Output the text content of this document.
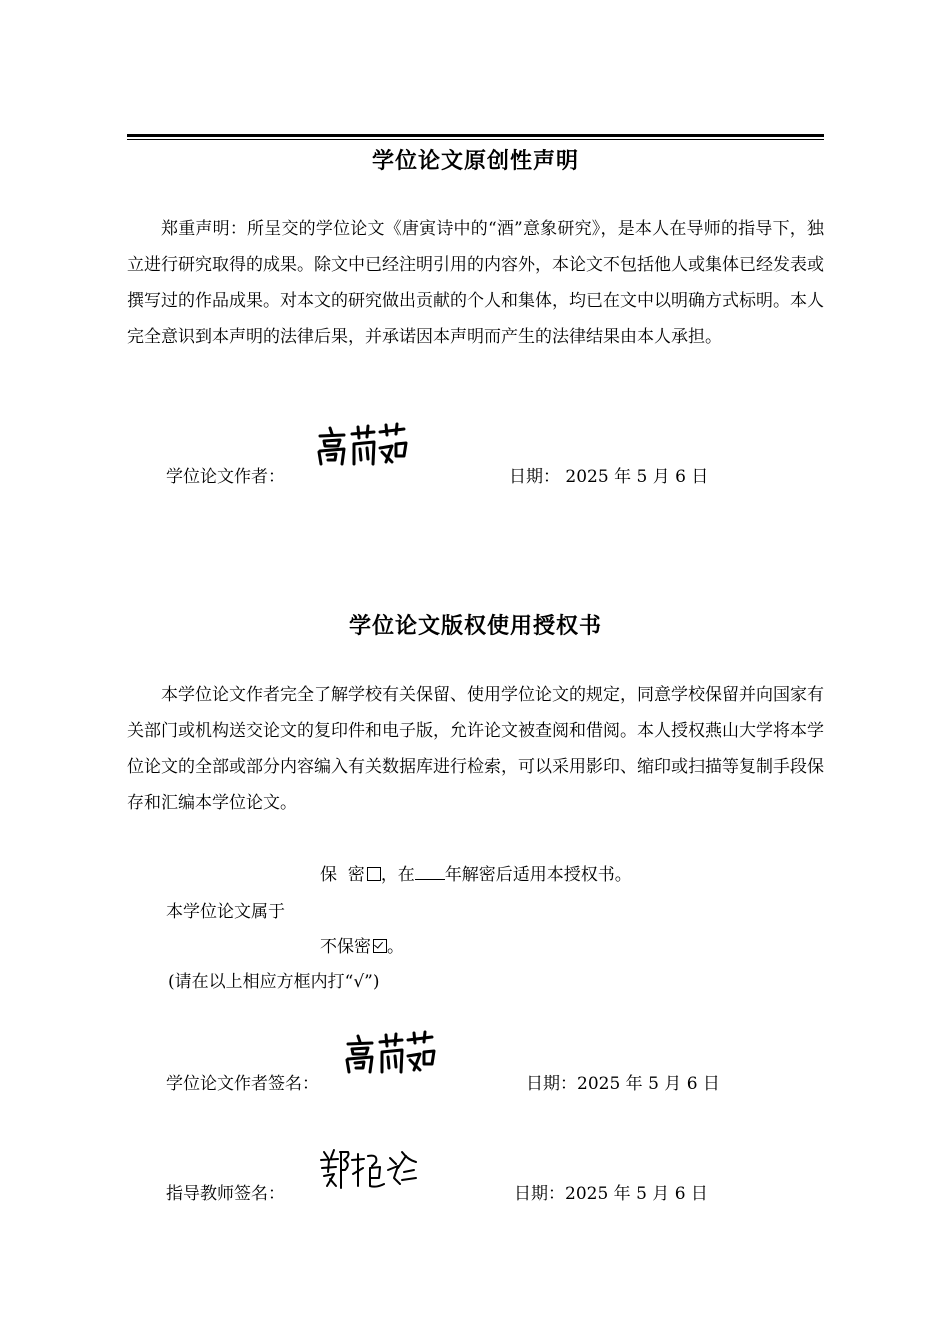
学位论文原创性声明

郑重声明：所呈交的学位论文《唐寅诗中的“酒”意象研究》，是本人在导师的指导下，独立进行研究取得的成果。除文中已经注明引用的内容外，本论文不包括他人或集体已经发表或撰写过的作品成果。对本文的研究做出贡献的个人和集体，均已在文中以明确方式标明。本人完全意识到本声明的法律后果，并承诺因本声明而产生的法律结果由本人承担。

学位论文作者：	日期： 2025 年 5 月 6 日
学位论文版权使用授权书

本学位论文作者完全了解学校有关保留、使用学位论文的规定，同意学校保留并向国家有关部门或机构送交论文的复印件和电子版，允许论文被查阅和借阅。本人授权燕山大学将本学位论文的全部或部分内容编入有关数据库进行检索，可以采用影印、缩印或扫描等复制手段保存和汇编本学位论文。

保  密 ，在 年解密后适用本授权书。
本学位论文属于
不保密 。
(请在以上相应方框内打“√”)
学位论文作者签名：	日期：2025 年 5 月 6 日
指导教师签名：	日期：2025 年 5 月 6 日
